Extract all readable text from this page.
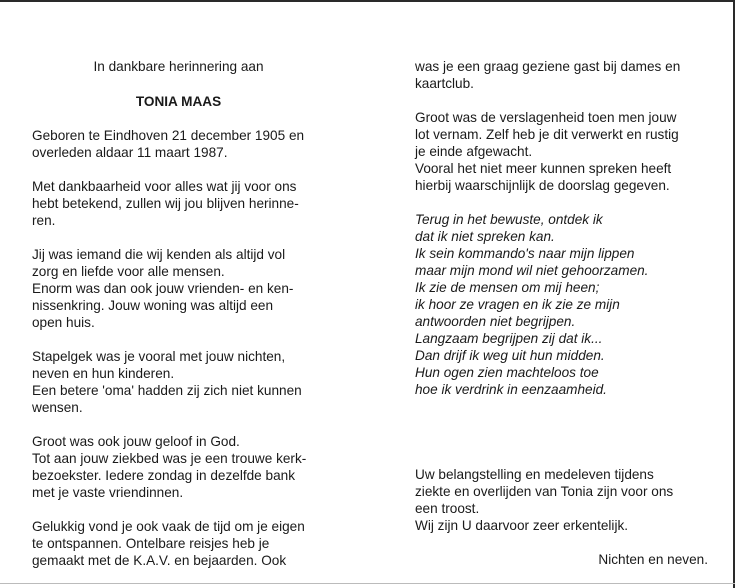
In dankbare herinnering aan

TONIA MAAS

Geboren te Eindhoven 21 december 1905 en
overleden aldaar 11 maart 1987.
Met dankbaarheid voor alles wat jij voor ons
hebt betekend, zullen wij jou blijven herinne-
ren.
Jij was iemand die wij kenden als altijd vol
zorg en liefde voor alle mensen.
Enorm was dan ook jouw vrienden- en ken-
nissenkring. Jouw woning was altijd een
open huis.
Stapelgek was je vooral met jouw nichten,
neven en hun kinderen.
Een betere 'oma' hadden zij zich niet kunnen
wensen.
Groot was ook jouw geloof in God.
Tot aan jouw ziekbed was je een trouwe kerk-
bezoekster. Iedere zondag in dezelfde bank
met je vaste vriendinnen.
Gelukkig vond je ook vaak de tijd om je eigen
te ontspannen. Ontelbare reisjes heb je
gemaakt met de K.A.V. en bejaarden. Ook
was je een graag geziene gast bij dames en
kaartclub.
Groot was de verslagenheid toen men jouw
lot vernam. Zelf heb je dit verwerkt en rustig
je einde afgewacht.
Vooral het niet meer kunnen spreken heeft
hierbij waarschijnlijk de doorslag gegeven.
Terug in het bewuste, ontdek ik
dat ik niet spreken kan.
Ik sein kommando's naar mijn lippen
maar mijn mond wil niet gehoorzamen.
Ik zie de mensen om mij heen;
ik hoor ze vragen en ik zie ze mijn
antwoorden niet begrijpen.
Langzaam begrijpen zij dat ik...
Dan drijf ik weg uit hun midden.
Hun ogen zien machteloos toe
hoe ik verdrink in eenzaamheid.
Uw belangstelling en medeleven tijdens
ziekte en overlijden van Tonia zijn voor ons
een troost.
Wij zijn U daarvoor zeer erkentelijk.

Nichten en neven.
